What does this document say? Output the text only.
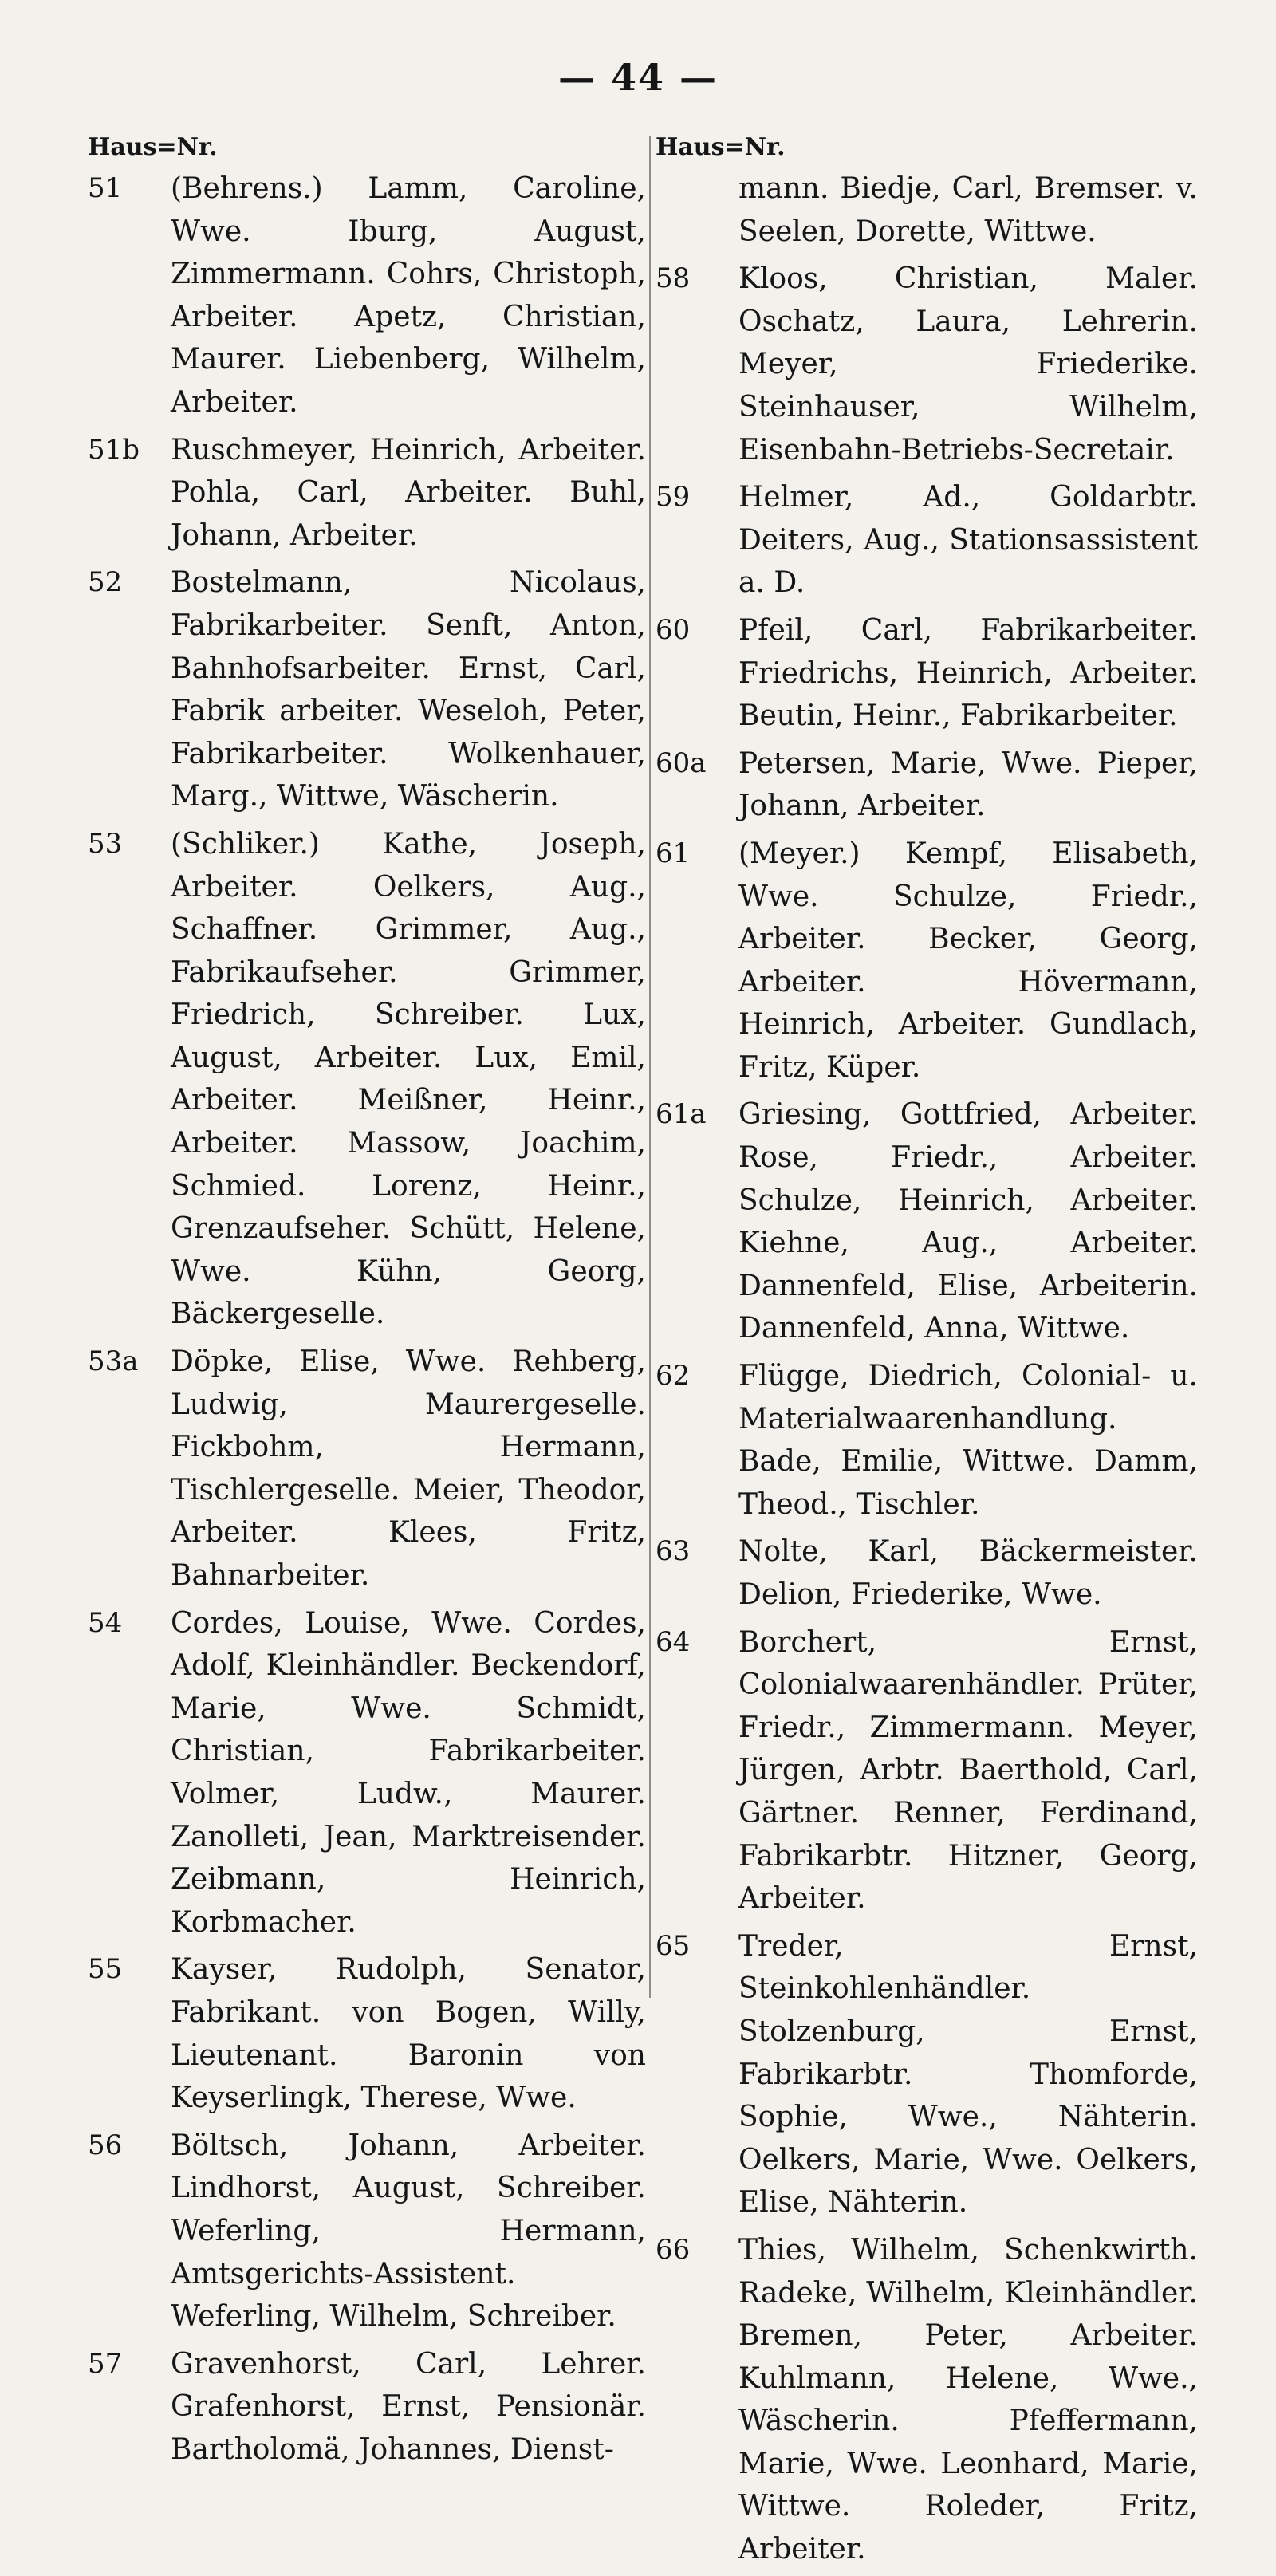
— 44 —
Haus=Nr.
51	(Behrens.) Lamm, Caroline, Wwe. Iburg, August, Zimmermann. Cohrs, Christoph, Arbeiter. Apetz, Christian, Maurer. Liebenberg, Wilhelm, Arbeiter.
51b	Ruschmeyer, Heinrich, Arbeiter. Pohla, Carl, Arbeiter. Buhl, Johann, Arbeiter.
52	Bostelmann, Nicolaus, Fabrikarbeiter. Senft, Anton, Bahnhofsarbeiter. Ernst, Carl, Fabrik arbeiter. Weseloh, Peter, Fabrikarbeiter. Wolkenhauer, Marg., Wittwe, Wäscherin.
53	(Schliker.) Kathe, Joseph, Arbeiter. Oelkers, Aug., Schaffner. Grimmer, Aug., Fabrikaufseher. Grimmer, Friedrich, Schreiber. Lux, August, Arbeiter. Lux, Emil, Arbeiter. Meißner, Heinr., Arbeiter. Massow, Joachim, Schmied. Lorenz, Heinr., Grenzaufseher. Schütt, Helene, Wwe. Kühn, Georg, Bäckergeselle.
53a	Döpke, Elise, Wwe. Rehberg, Ludwig, Maurergeselle. Fickbohm, Hermann, Tischlergeselle. Meier, Theodor, Arbeiter. Klees, Fritz, Bahnarbeiter.
54	Cordes, Louise, Wwe. Cordes, Adolf, Kleinhändler. Beckendorf, Marie, Wwe. Schmidt, Christian, Fabrikarbeiter. Volmer, Ludw., Maurer. Zanolleti, Jean, Marktreisender. Zeibmann, Heinrich, Korbmacher.
55	Kayser, Rudolph, Senator, Fabrikant. von Bogen, Willy, Lieutenant. Baronin von Keyserlingk, Therese, Wwe.
56	Böltsch, Johann, Arbeiter. Lindhorst, August, Schreiber. Weferling, Hermann, Amtsgerichts-Assistent. Weferling, Wilhelm, Schreiber.
57	Gravenhorst, Carl, Lehrer. Grafenhorst, Ernst, Pensionär. Bartholomä, Johannes, Dienst-
Haus=Nr.
mann. Biedje, Carl, Bremser. v. Seelen, Dorette, Wittwe.
58	Kloos, Christian, Maler. Oschatz, Laura, Lehrerin. Meyer, Friederike. Steinhauser, Wilhelm, Eisenbahn-Betriebs-Secretair.
59	Helmer, Ad., Goldarbtr. Deiters, Aug., Stationsassistent a. D.
60	Pfeil, Carl, Fabrikarbeiter. Friedrichs, Heinrich, Arbeiter. Beutin, Heinr., Fabrikarbeiter.
60a	Petersen, Marie, Wwe. Pieper, Johann, Arbeiter.
61	(Meyer.) Kempf, Elisabeth, Wwe. Schulze, Friedr., Arbeiter. Becker, Georg, Arbeiter. Hövermann, Heinrich, Arbeiter. Gundlach, Fritz, Küper.
61a	Griesing, Gottfried, Arbeiter. Rose, Friedr., Arbeiter. Schulze, Heinrich, Arbeiter. Kiehne, Aug., Arbeiter. Dannenfeld, Elise, Arbeiterin. Dannenfeld, Anna, Wittwe.
62	Flügge, Diedrich, Colonial- u. Materialwaarenhandlung. Bade, Emilie, Wittwe. Damm, Theod., Tischler.
63	Nolte, Karl, Bäckermeister. Delion, Friederike, Wwe.
64	Borchert, Ernst, Colonialwaarenhändler. Prüter, Friedr., Zimmermann. Meyer, Jürgen, Arbtr. Baerthold, Carl, Gärtner. Renner, Ferdinand, Fabrikarbtr. Hitzner, Georg, Arbeiter.
65	Treder, Ernst, Steinkohlenhändler. Stolzenburg, Ernst, Fabrikarbtr. Thomforde, Sophie, Wwe., Nähterin. Oelkers, Marie, Wwe. Oelkers, Elise, Nähterin.
66	Thies, Wilhelm, Schenkwirth. Radeke, Wilhelm, Kleinhändler. Bremen, Peter, Arbeiter. Kuhlmann, Helene, Wwe., Wäscherin. Pfeffermann, Marie, Wwe. Leonhard, Marie, Wittwe. Roleder, Fritz, Arbeiter.
